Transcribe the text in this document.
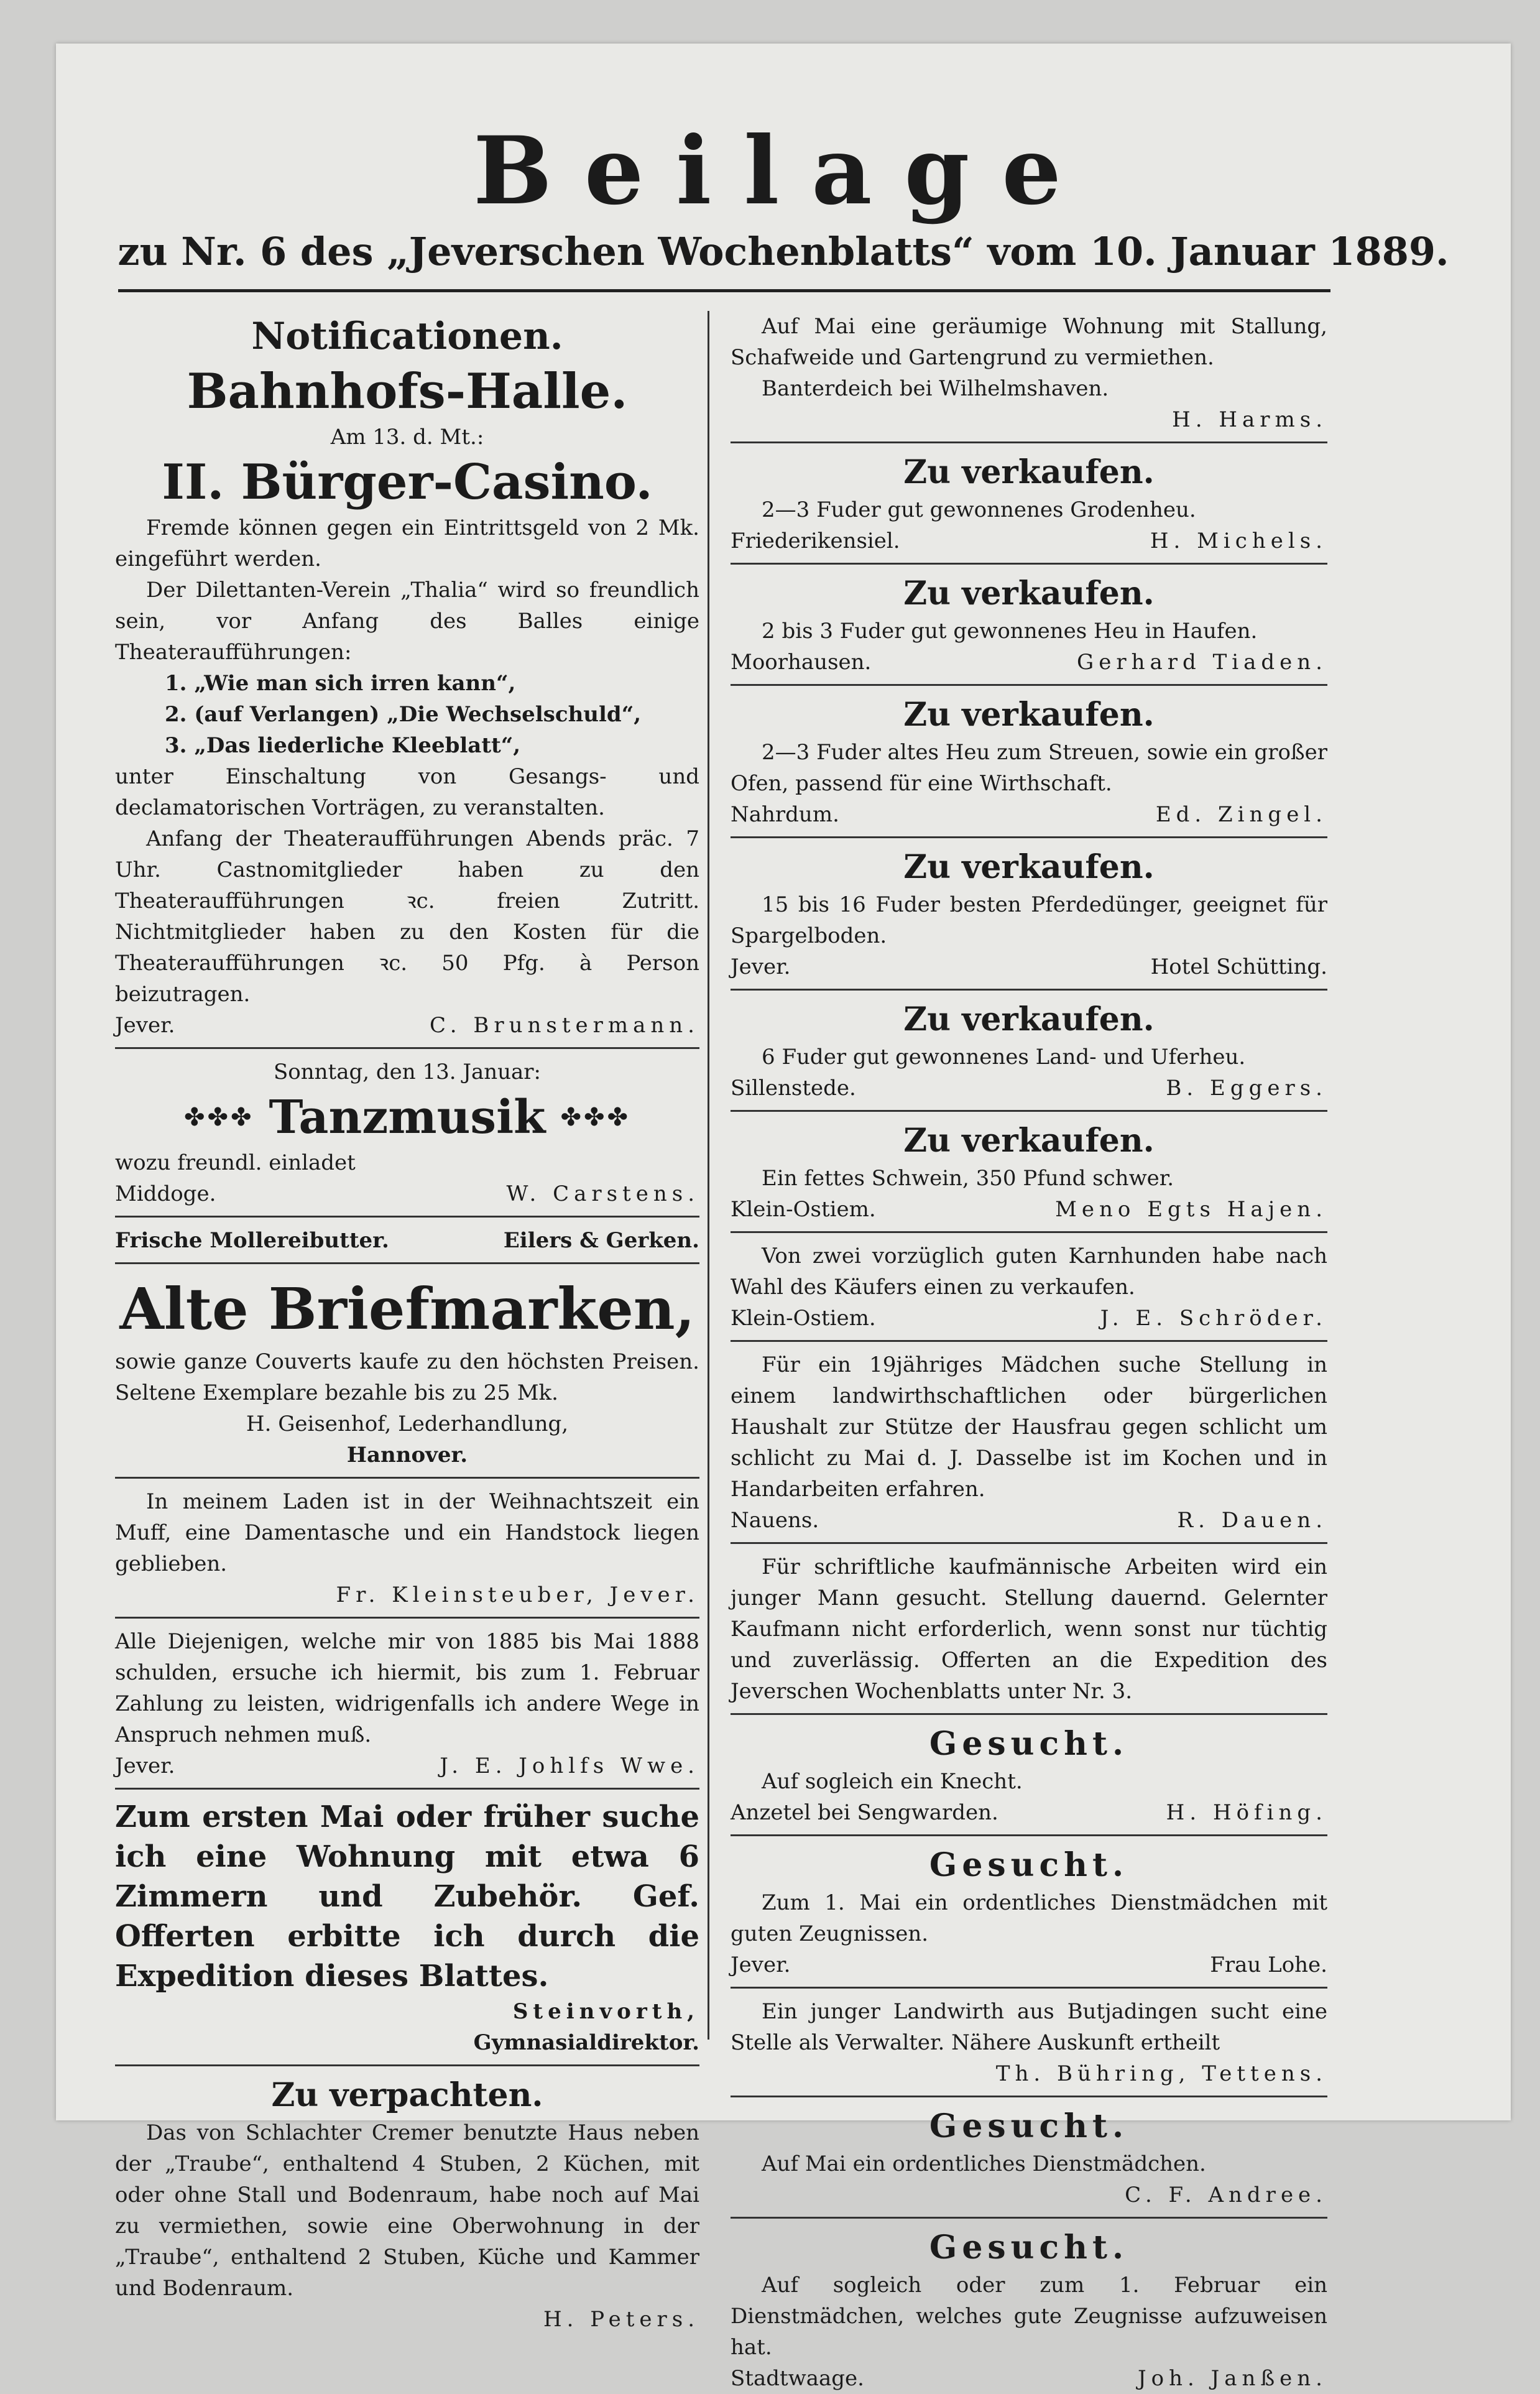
Beilage
zu Nr. 6 des „Jeverschen Wochenblatts“ vom 10. Januar 1889.
Notificationen.
Bahnhofs-Halle.
Am 13. d. Mt.:
II. Bürger-Casino.
Fremde können gegen ein Eintrittsgeld von 2 Mk. eingeführt werden.
Der Dilettanten-Verein „Thalia“ wird so freundlich sein, vor Anfang des Balles einige Theateraufführungen:
1. „Wie man sich irren kann“,
2. (auf Verlangen) „Die Wechselschuld“,
3. „Das liederliche Kleeblatt“,
unter Einschaltung von Gesangs- und declamatorischen Vorträgen, zu veranstalten.
Anfang der Theateraufführungen Abends präc. 7 Uhr. Castnomitglieder haben zu den Theateraufführungen ꝛc. freien Zutritt. Nichtmitglieder haben zu den Kosten für die Theateraufführungen ꝛc. 50 Pfg. à Person beizutragen.
Jever.	C. Brunstermann.
Sonntag, den 13. Januar:
✤✤✤ Tanzmusik ✤✤✤
wozu freundl. einladet
Middoge.	W. Carstens.
Frische Mollereibutter.	Eilers & Gerken.
Alte Briefmarken,
sowie ganze Couverts kaufe zu den höchsten Preisen. Seltene Exemplare bezahle bis zu 25 Mk.
H. Geisenhof, Lederhandlung,
Hannover.
In meinem Laden ist in der Weihnachtszeit ein Muff, eine Damentasche und ein Handstock liegen geblieben.
Fr. Kleinsteuber, Jever.
Alle Diejenigen, welche mir von 1885 bis Mai 1888 schulden, ersuche ich hiermit, bis zum 1. Februar Zahlung zu leisten, widrigenfalls ich andere Wege in Anspruch nehmen muß.
Jever.	J. E. Johlfs Wwe.
Zum ersten Mai oder früher suche ich eine Wohnung mit etwa 6 Zimmern und Zubehör. Gef. Offerten erbitte ich durch die Expedition dieses Blattes.
Steinvorth,
Gymnasialdirektor.
Zu verpachten.
Das von Schlachter Cremer benutzte Haus neben der „Traube“, enthaltend 4 Stuben, 2 Küchen, mit oder ohne Stall und Bodenraum, habe noch auf Mai zu vermiethen, sowie eine Oberwohnung in der „Traube“, enthaltend 2 Stuben, Küche und Kammer und Bodenraum.
H. Peters.
Auf Mai eine geräumige Wohnung mit Stallung, Schafweide und Gartengrund zu vermiethen.
Banterdeich bei Wilhelmshaven.
H. Harms.
Zu verkaufen.
2—3 Fuder gut gewonnenes Grodenheu.
Friederikensiel.	H. Michels.
Zu verkaufen.
2 bis 3 Fuder gut gewonnenes Heu in Haufen.
Moorhausen.	Gerhard Tiaden.
Zu verkaufen.
2—3 Fuder altes Heu zum Streuen, sowie ein großer Ofen, passend für eine Wirthschaft.
Nahrdum.	Ed. Zingel.
Zu verkaufen.
15 bis 16 Fuder besten Pferdedünger, geeignet für Spargelboden.
Jever.	Hotel Schütting.
Zu verkaufen.
6 Fuder gut gewonnenes Land- und Uferheu.
Sillenstede.	B. Eggers.
Zu verkaufen.
Ein fettes Schwein, 350 Pfund schwer.
Klein-Ostiem.	Meno Egts Hajen.
Von zwei vorzüglich guten Karnhunden habe nach Wahl des Käufers einen zu verkaufen.
Klein-Ostiem.	J. E. Schröder.
Für ein 19jähriges Mädchen suche Stellung in einem landwirthschaftlichen oder bürgerlichen Haushalt zur Stütze der Hausfrau gegen schlicht um schlicht zu Mai d. J. Dasselbe ist im Kochen und in Handarbeiten erfahren.
Nauens.	R. Dauen.
Für schriftliche kaufmännische Arbeiten wird ein junger Mann gesucht. Stellung dauernd. Gelernter Kaufmann nicht erforderlich, wenn sonst nur tüchtig und zuverlässig. Offerten an die Expedition des Jeverschen Wochenblatts unter Nr. 3.
Gesucht.
Auf sogleich ein Knecht.
Anzetel bei Sengwarden.	H. Höfing.
Gesucht.
Zum 1. Mai ein ordentliches Dienstmädchen mit guten Zeugnissen.
Jever.	Frau Lohe.
Ein junger Landwirth aus Butjadingen sucht eine Stelle als Verwalter. Nähere Auskunft ertheilt
Th. Bühring, Tettens.
Gesucht.
Auf Mai ein ordentliches Dienstmädchen.
C. F. Andree.
Gesucht.
Auf sogleich oder zum 1. Februar ein Dienstmädchen, welches gute Zeugnisse aufzuweisen hat.
Stadtwaage.	Joh. Janßen.
